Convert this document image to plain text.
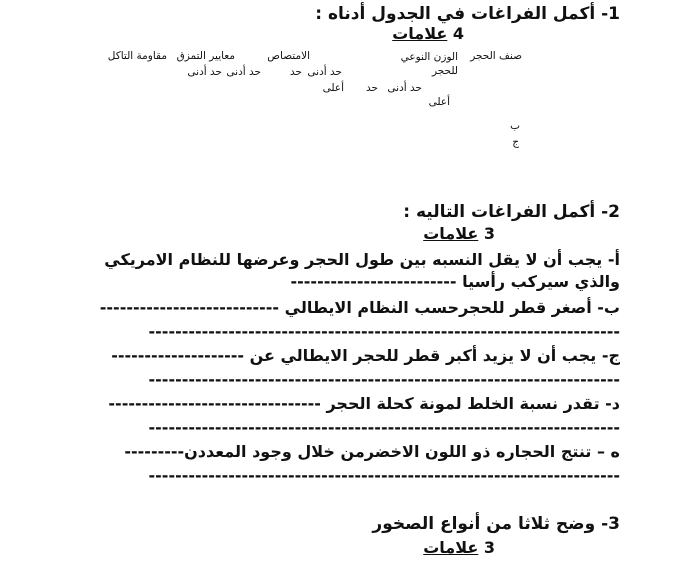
1- أكمل الفراغات في الجدول أدناه :
4 علامات
صنف الحجر
الوزن النوعي للحجر
الامتصاص
معايير التمزق
مقاومة التاكل
حد أدنى حد أدنى	حد حد أدنى
أعلى حد حد أدنى
أعلى
ب
ج
2- أكمل الفراغات التاليه :
3 علامات
أ- يجب أن لا يقل النسبه بين طول الحجر وعرضها للنظام الامريكي
والذي سيركب رأسيا -------------------------
ب- أصغر قطر للحجرحسب النظام الايطالي ---------------------------
-----------------------------------------------------------------------
ج- يجب أن لا يزيد أكبر قطر للحجر الايطالي عن --------------------
-----------------------------------------------------------------------
د- تقدر نسبة الخلط لمونة كحلة الحجر --------------------------------
-----------------------------------------------------------------------
ه – تنتج الحجاره ذو اللون الاخضرمن خلال وجود المعددن---------
-----------------------------------------------------------------------
3- وضح ثلاثا من أنواع الصخور
3 علامات
